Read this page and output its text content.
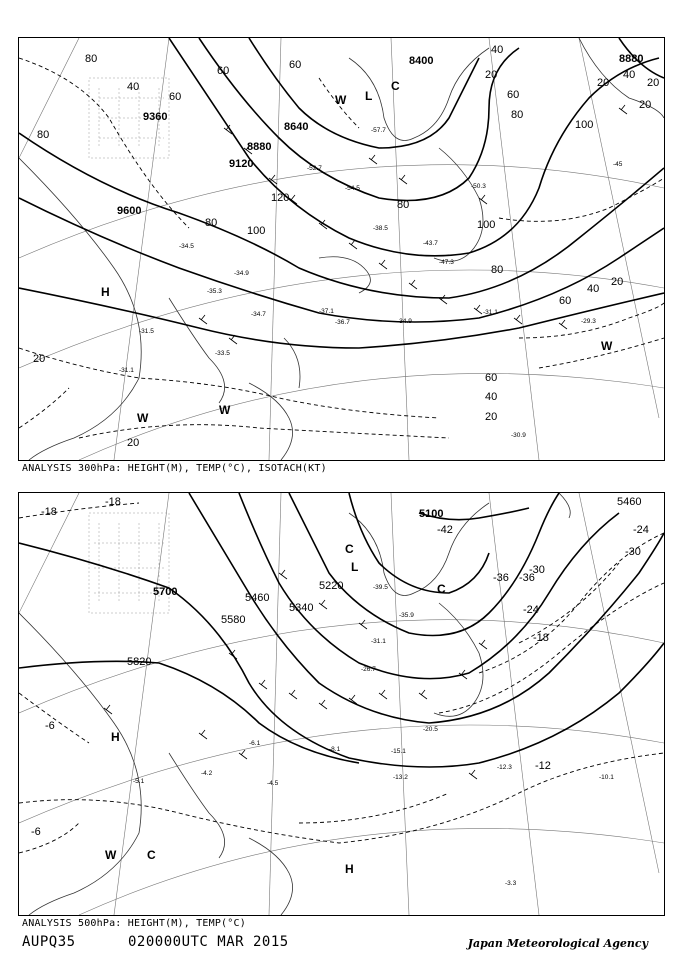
9600
9360
9120
8880
8640
8400	8880
80
40
60
100
80
120
60
20
20
100
60
40
20
20
40
60
80
20
40
80
100
80
60
40
20
80
60
20	20
-31.5
-31.1
-34.5
-35.3
-34.9
-34.7
-36.7
-37.1
-34.9
-33.5
-31.1
-29.3
-30.9
-38.5
-43.7
-47.3
-52.7
-54.5
-57.7
-45
-50.3
H
W
W
W
L
C
W
ANALYSIS 300hPa: HEIGHT(M), TEMP(°C), ISOTACH(KT)
5700
5820
5580
5460
5340
5220
5100
5460
-18
-18
-24
-30
-36
-42
-36
-30
-24
-18
-12
-6
-6
-10.1
-12.3
-13.2
-15.1
-5.1
-4.2
-6.1
-3.3
-4.5
-8.1
-20.5
-26.7
-31.1
-35.9
-39.5
H
H
W	C
C
L
C
ANALYSIS 500hPa: HEIGHT(M), TEMP(°C)
AUPQ35	020000UTC MAR 2015	Japan Meteorological Agency
